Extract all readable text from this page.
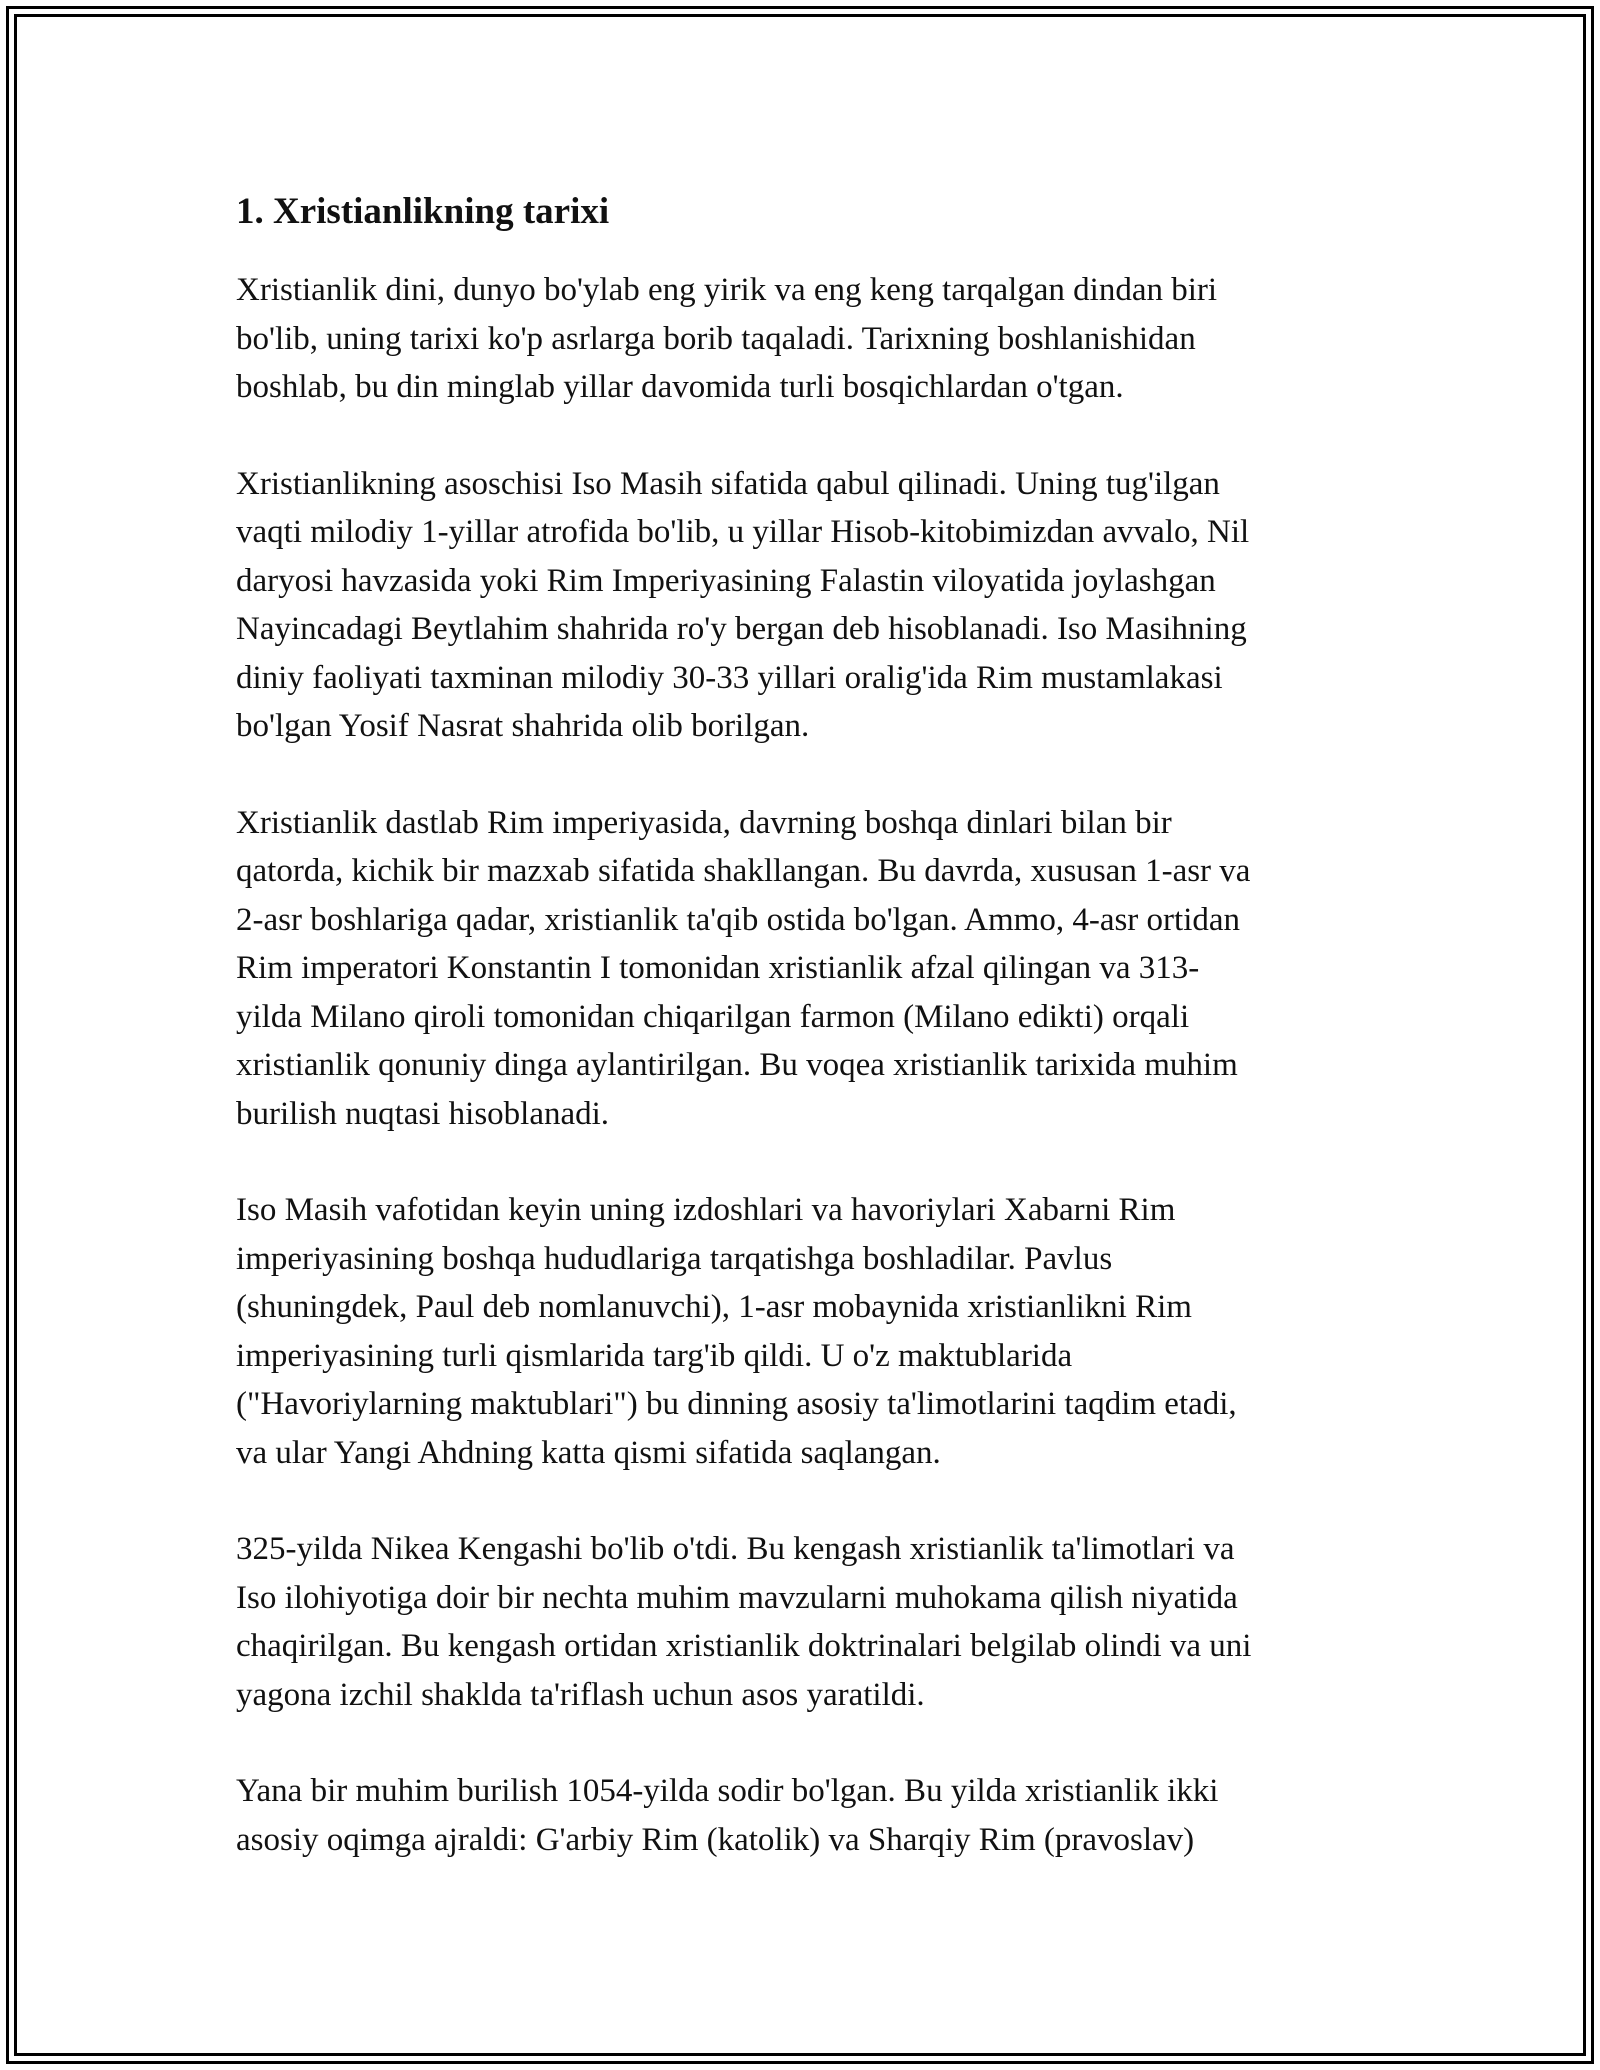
1. Xristianlikning tarixi

Xristianlik dini, dunyo bo'ylab eng yirik va eng keng tarqalgan dindan biri
bo'lib, uning tarixi ko'p asrlarga borib taqaladi. Tarixning boshlanishidan
boshlab, bu din minglab yillar davomida turli bosqichlardan o'tgan.

Xristianlikning asoschisi Iso Masih sifatida qabul qilinadi. Uning tug'ilgan
vaqti milodiy 1-yillar atrofida bo'lib, u yillar Hisob-kitobimizdan avvalo, Nil
daryosi havzasida yoki Rim Imperiyasining Falastin viloyatida joylashgan
Nayincadagi Beytlahim shahrida ro'y bergan deb hisoblanadi. Iso Masihning
diniy faoliyati taxminan milodiy 30-33 yillari oralig'ida Rim mustamlakasi
bo'lgan Yosif Nasrat shahrida olib borilgan.

Xristianlik dastlab Rim imperiyasida, davrning boshqa dinlari bilan bir
qatorda, kichik bir mazxab sifatida shakllangan. Bu davrda, xususan 1-asr va
2-asr boshlariga qadar, xristianlik ta'qib ostida bo'lgan. Ammo, 4-asr ortidan
Rim imperatori Konstantin I tomonidan xristianlik afzal qilingan va 313-
yilda Milano qiroli tomonidan chiqarilgan farmon (Milano edikti) orqali
xristianlik qonuniy dinga aylantirilgan. Bu voqea xristianlik tarixida muhim
burilish nuqtasi hisoblanadi.

Iso Masih vafotidan keyin uning izdoshlari va havoriylari Xabarni Rim
imperiyasining boshqa hududlariga tarqatishga boshladilar. Pavlus
(shuningdek, Paul deb nomlanuvchi), 1-asr mobaynida xristianlikni Rim
imperiyasining turli qismlarida targ'ib qildi. U o'z maktublarida
("Havoriylarning maktublari") bu dinning asosiy ta'limotlarini taqdim etadi,
va ular Yangi Ahdning katta qismi sifatida saqlangan.

325-yilda Nikea Kengashi bo'lib o'tdi. Bu kengash xristianlik ta'limotlari va
Iso ilohiyotiga doir bir nechta muhim mavzularni muhokama qilish niyatida
chaqirilgan. Bu kengash ortidan xristianlik doktrinalari belgilab olindi va uni
yagona izchil shaklda ta'riflash uchun asos yaratildi.

Yana bir muhim burilish 1054-yilda sodir bo'lgan. Bu yilda xristianlik ikki
asosiy oqimga ajraldi: G'arbiy Rim (katolik) va Sharqiy Rim (pravoslav)
